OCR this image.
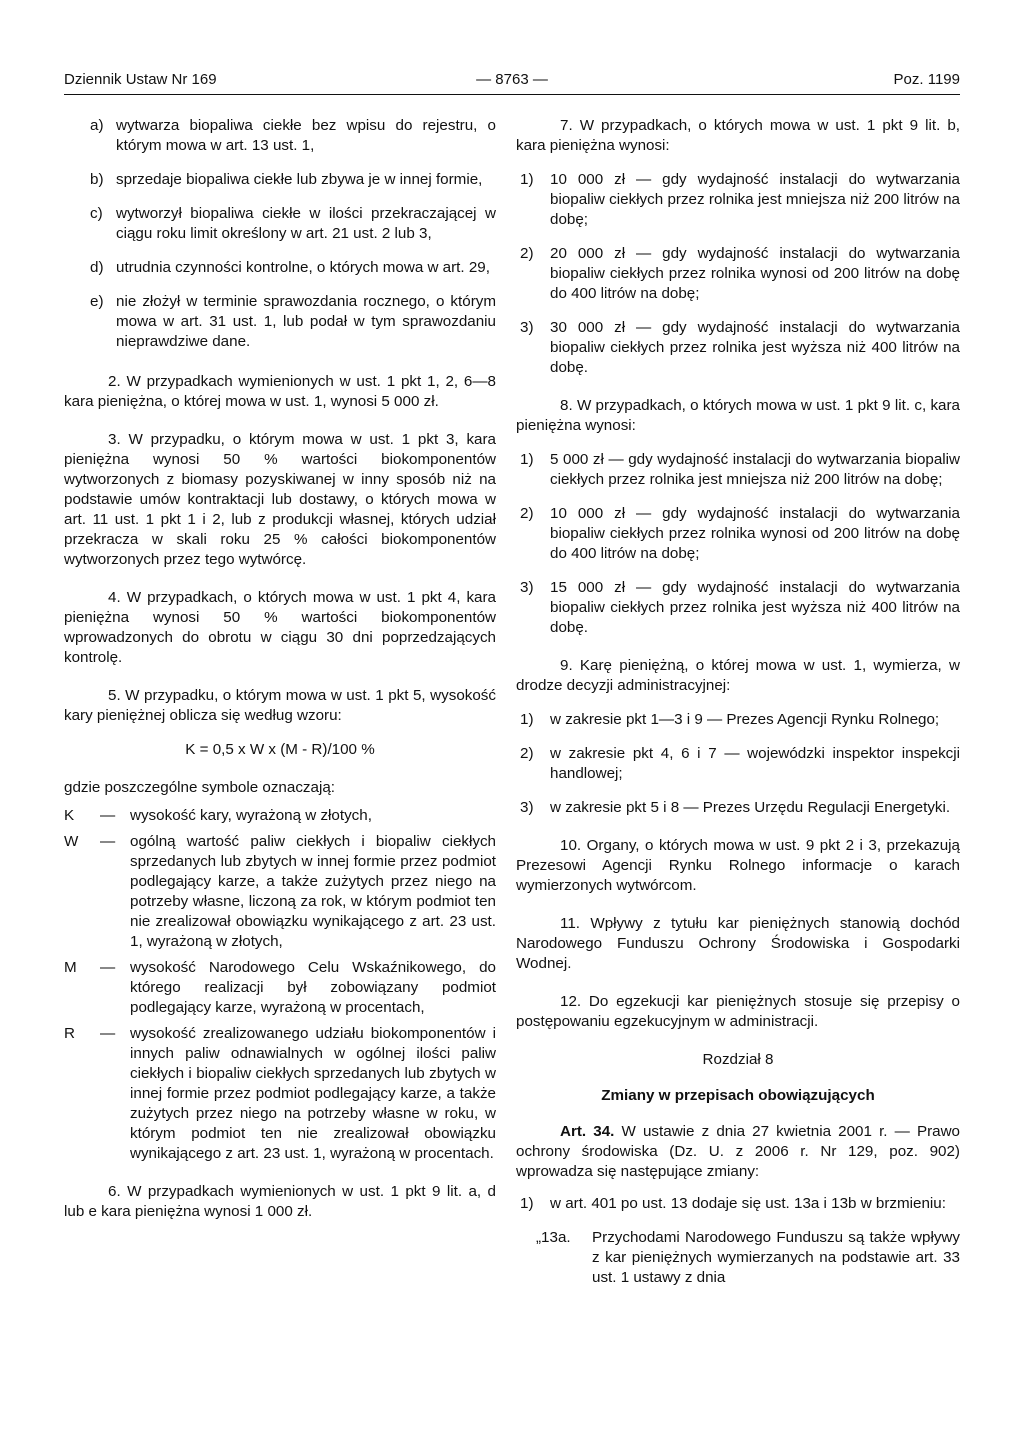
Dziennik Ustaw Nr 169	— 8763 —	Poz. 1199
a) wytwarza biopaliwa ciekłe bez wpisu do rejestru, o którym mowa w art. 13 ust. 1,
b) sprzedaje biopaliwa ciekłe lub zbywa je w innej formie,
c) wytworzył biopaliwa ciekłe w ilości przekraczającej w ciągu roku limit określony w art. 21 ust. 2 lub 3,
d) utrudnia czynności kontrolne, o których mowa w art. 29,
e) nie złożył w terminie sprawozdania rocznego, o którym mowa w art. 31 ust. 1, lub podał w tym sprawozdaniu nieprawdziwe dane.

2. W przypadkach wymienionych w ust. 1 pkt 1, 2, 6—8 kara pieniężna, o której mowa w ust. 1, wynosi 5 000 zł.

3. W przypadku, o którym mowa w ust. 1 pkt 3, kara pieniężna wynosi 50 % wartości biokomponentów wytworzonych z biomasy pozyskiwanej w inny sposób niż na podstawie umów kontraktacji lub dostawy, o których mowa w art. 11 ust. 1 pkt 1 i 2, lub z produkcji własnej, których udział przekracza w skali roku 25 % całości biokomponentów wytworzonych przez tego wytwórcę.

4. W przypadkach, o których mowa w ust. 1 pkt 4, kara pieniężna wynosi 50 % wartości biokomponentów wprowadzonych do obrotu w ciągu 30 dni poprzedzających kontrolę.

5. W przypadku, o którym mowa w ust. 1 pkt 5, wysokość kary pieniężnej oblicza się według wzoru:

K = 0,5 x W x (M - R)/100 %

gdzie poszczególne symbole oznaczają:

K	— wysokość kary, wyrażoną w złotych,
W	— ogólną wartość paliw ciekłych i biopaliw ciekłych sprzedanych lub zbytych w innej formie przez podmiot podlegający karze, a także zużytych przez niego na potrzeby własne, liczoną za rok, w którym podmiot ten nie zrealizował obowiązku wynikającego z art. 23 ust. 1, wyrażoną w złotych,
M	— wysokość Narodowego Celu Wskaźnikowego, do którego realizacji był zobowiązany podmiot podlegający karze, wyrażoną w procentach,
R	— wysokość zrealizowanego udziału biokomponentów i innych paliw odnawialnych w ogólnej ilości paliw ciekłych i biopaliw ciekłych sprzedanych lub zbytych w innej formie przez podmiot podlegający karze, a także zużytych przez niego na potrzeby własne w roku, w którym podmiot ten nie zrealizował obowiązku wynikającego z art. 23 ust. 1, wyrażoną w procentach.

6. W przypadkach wymienionych w ust. 1 pkt 9 lit. a, d lub e kara pieniężna wynosi 1 000 zł.

7. W przypadkach, o których mowa w ust. 1 pkt 9 lit. b, kara pieniężna wynosi:

1)	10 000 zł — gdy wydajność instalacji do wytwarzania biopaliw ciekłych przez rolnika jest mniejsza niż 200 litrów na dobę;
2)	20 000 zł — gdy wydajność instalacji do wytwarzania biopaliw ciekłych przez rolnika wynosi od 200 litrów na dobę do 400 litrów na dobę;
3)	30 000 zł — gdy wydajność instalacji do wytwarzania biopaliw ciekłych przez rolnika jest wyższa niż 400 litrów na dobę.

8. W przypadkach, o których mowa w ust. 1 pkt 9 lit. c, kara pieniężna wynosi:

1)	5 000 zł — gdy wydajność instalacji do wytwarzania biopaliw ciekłych przez rolnika jest mniejsza niż 200 litrów na dobę;
2)	10 000 zł — gdy wydajność instalacji do wytwarzania biopaliw ciekłych przez rolnika wynosi od 200 litrów na dobę do 400 litrów na dobę;
3)	15 000 zł — gdy wydajność instalacji do wytwarzania biopaliw ciekłych przez rolnika jest wyższa niż 400 litrów na dobę.

9. Karę pieniężną, o której mowa w ust. 1, wymierza, w drodze decyzji administracyjnej:

1)	w zakresie pkt 1—3 i 9 — Prezes Agencji Rynku Rolnego;
2)	w zakresie pkt 4, 6 i 7 — wojewódzki inspektor inspekcji handlowej;
3)	w zakresie pkt 5 i 8 — Prezes Urzędu Regulacji Energetyki.

10. Organy, o których mowa w ust. 9 pkt 2 i 3, przekazują Prezesowi Agencji Rynku Rolnego informacje o karach wymierzonych wytwórcom.

11. Wpływy z tytułu kar pieniężnych stanowią dochód Narodowego Funduszu Ochrony Środowiska i Gospodarki Wodnej.

12. Do egzekucji kar pieniężnych stosuje się przepisy o postępowaniu egzekucyjnym w administracji.

Rozdział 8

Zmiany w przepisach obowiązujących

Art. 34. W ustawie z dnia 27 kwietnia 2001 r. — Prawo ochrony środowiska (Dz. U. z 2006 r. Nr 129, poz. 902) wprowadza się następujące zmiany:

1)	w art. 401 po ust. 13 dodaje się ust. 13a i 13b w brzmieniu:
„13a.	Przychodami Narodowego Funduszu są także wpływy z kar pieniężnych wymierzanych na podstawie art. 33 ust. 1 ustawy z dnia
